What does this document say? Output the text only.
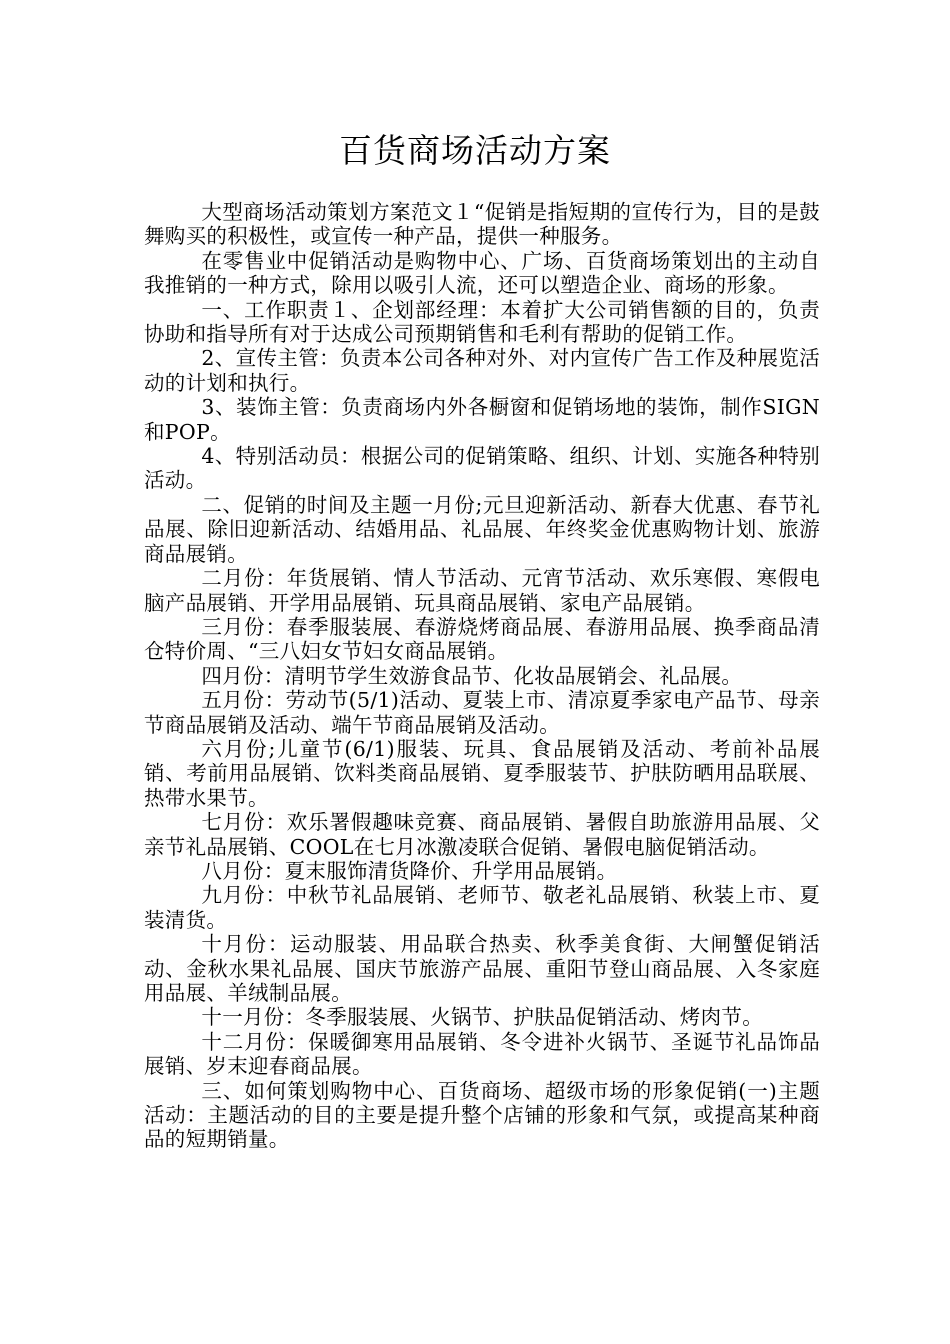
百货商场活动方案

大型商场活动策划方案范文１“促销是指短期的宣传行为，目的是鼓舞购买的积极性，或宣传一种产品，提供一种服务。

在零售业中促销活动是购物中心、广场、百货商场策划出的主动自我推销的一种方式，除用以吸引人流，还可以塑造企业、商场的形象。

一、工作职责１、企划部经理：本着扩大公司销售额的目的，负责协助和指导所有对于达成公司预期销售和毛利有帮助的促销工作。

2、宣传主管：负责本公司各种对外、对内宣传广告工作及种展览活动的计划和执行。

3、装饰主管：负责商场内外各橱窗和促销场地的装饰，制作SIGN和POP。

4、特别活动员：根据公司的促销策略、组织、计划、实施各种特别活动。

二、促销的时间及主题一月份;元旦迎新活动、新春大优惠、春节礼品展、除旧迎新活动、结婚用品、礼品展、年终奖金优惠购物计划、旅游商品展销。

二月份：年货展销、情人节活动、元宵节活动、欢乐寒假、寒假电脑产品展销、开学用品展销、玩具商品展销、家电产品展销。

三月份：春季服装展、春游烧烤商品展、春游用品展、换季商品清仓特价周、“三八妇女节妇女商品展销。

四月份：清明节学生效游食品节、化妆品展销会、礼品展。

五月份：劳动节(5/1)活动、夏装上市、清凉夏季家电产品节、母亲节商品展销及活动、端午节商品展销及活动。

六月份;儿童节(6/1)服装、玩具、食品展销及活动、考前补品展销、考前用品展销、饮料类商品展销、夏季服装节、护肤防晒用品联展、热带水果节。

七月份：欢乐署假趣味竞赛、商品展销、暑假自助旅游用品展、父亲节礼品展销、COOL在七月冰激凌联合促销、暑假电脑促销活动。

八月份：夏末服饰清货降价、升学用品展销。

九月份：中秋节礼品展销、老师节、敬老礼品展销、秋装上市、夏装清货。

十月份：运动服装、用品联合热卖、秋季美食街、大闸蟹促销活动、金秋水果礼品展、国庆节旅游产品展、重阳节登山商品展、入冬家庭用品展、羊绒制品展。

十一月份：冬季服装展、火锅节、护肤品促销活动、烤肉节。

十二月份：保暖御寒用品展销、冬令进补火锅节、圣诞节礼品饰品展销、岁末迎春商品展。

三、如何策划购物中心、百货商场、超级市场的形象促销(一)主题活动：主题活动的目的主要是提升整个店铺的形象和气氛，或提高某种商品的短期销量。
